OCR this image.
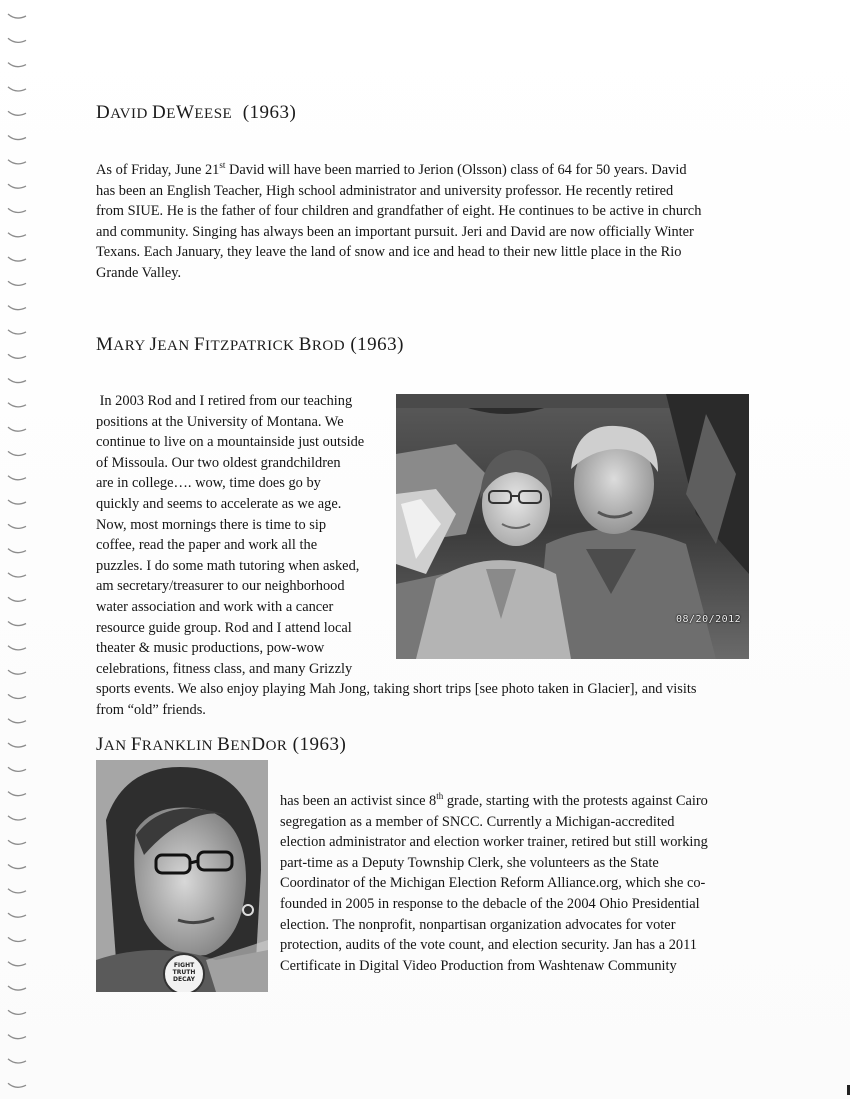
DAVID DEWEESE  (1963)

As of Friday, June 21st David will have been married to Jerion (Olsson) class of 64 for 50 years. David

has been an English Teacher, High school administrator and university professor. He recently retired

from SIUE. He is the father of four children and grandfather of eight. He continues to be active in church

and community. Singing has always been an important pursuit. Jeri and David are now officially Winter

Texans. Each January, they leave the land of snow and ice and head to their new little place in the Rio

Grande Valley.

MARY JEAN FITZPATRICK BROD (1963)

In 2003 Rod and I retired from our teaching

positions at the University of Montana. We

continue to live on a mountainside just outside

of Missoula. Our two oldest grandchildren

are in college…. wow, time does go by

quickly and seems to accelerate as we age.

Now, most mornings there is time to sip

coffee, read the paper and work all the

puzzles. I do some math tutoring when asked,

am secretary/treasurer to our neighborhood

water association and work with a cancer

resource guide group. Rod and I attend local

theater & music productions, pow-wow

celebrations, fitness class, and many Grizzly

sports events. We also enjoy playing Mah Jong, taking short trips [see photo taken in Glacier], and visits

from “old” friends.

08/20/2012
JAN FRANKLIN BENDOR (1963)
FIGHT
TRUTH
DECAY

has been an activist since 8th grade, starting with the protests against Cairo

segregation as a member of SNCC. Currently a Michigan-accredited

election administrator and election worker trainer, retired but still working

part-time as a Deputy Township Clerk, she volunteers as the State

Coordinator of the Michigan Election Reform Alliance.org, which she co-

founded in 2005 in response to the debacle of the 2004 Ohio Presidential

election. The nonprofit, nonpartisan organization advocates for voter

protection, audits of the vote count, and election security. Jan has a 2011

Certificate in Digital Video Production from Washtenaw Community
